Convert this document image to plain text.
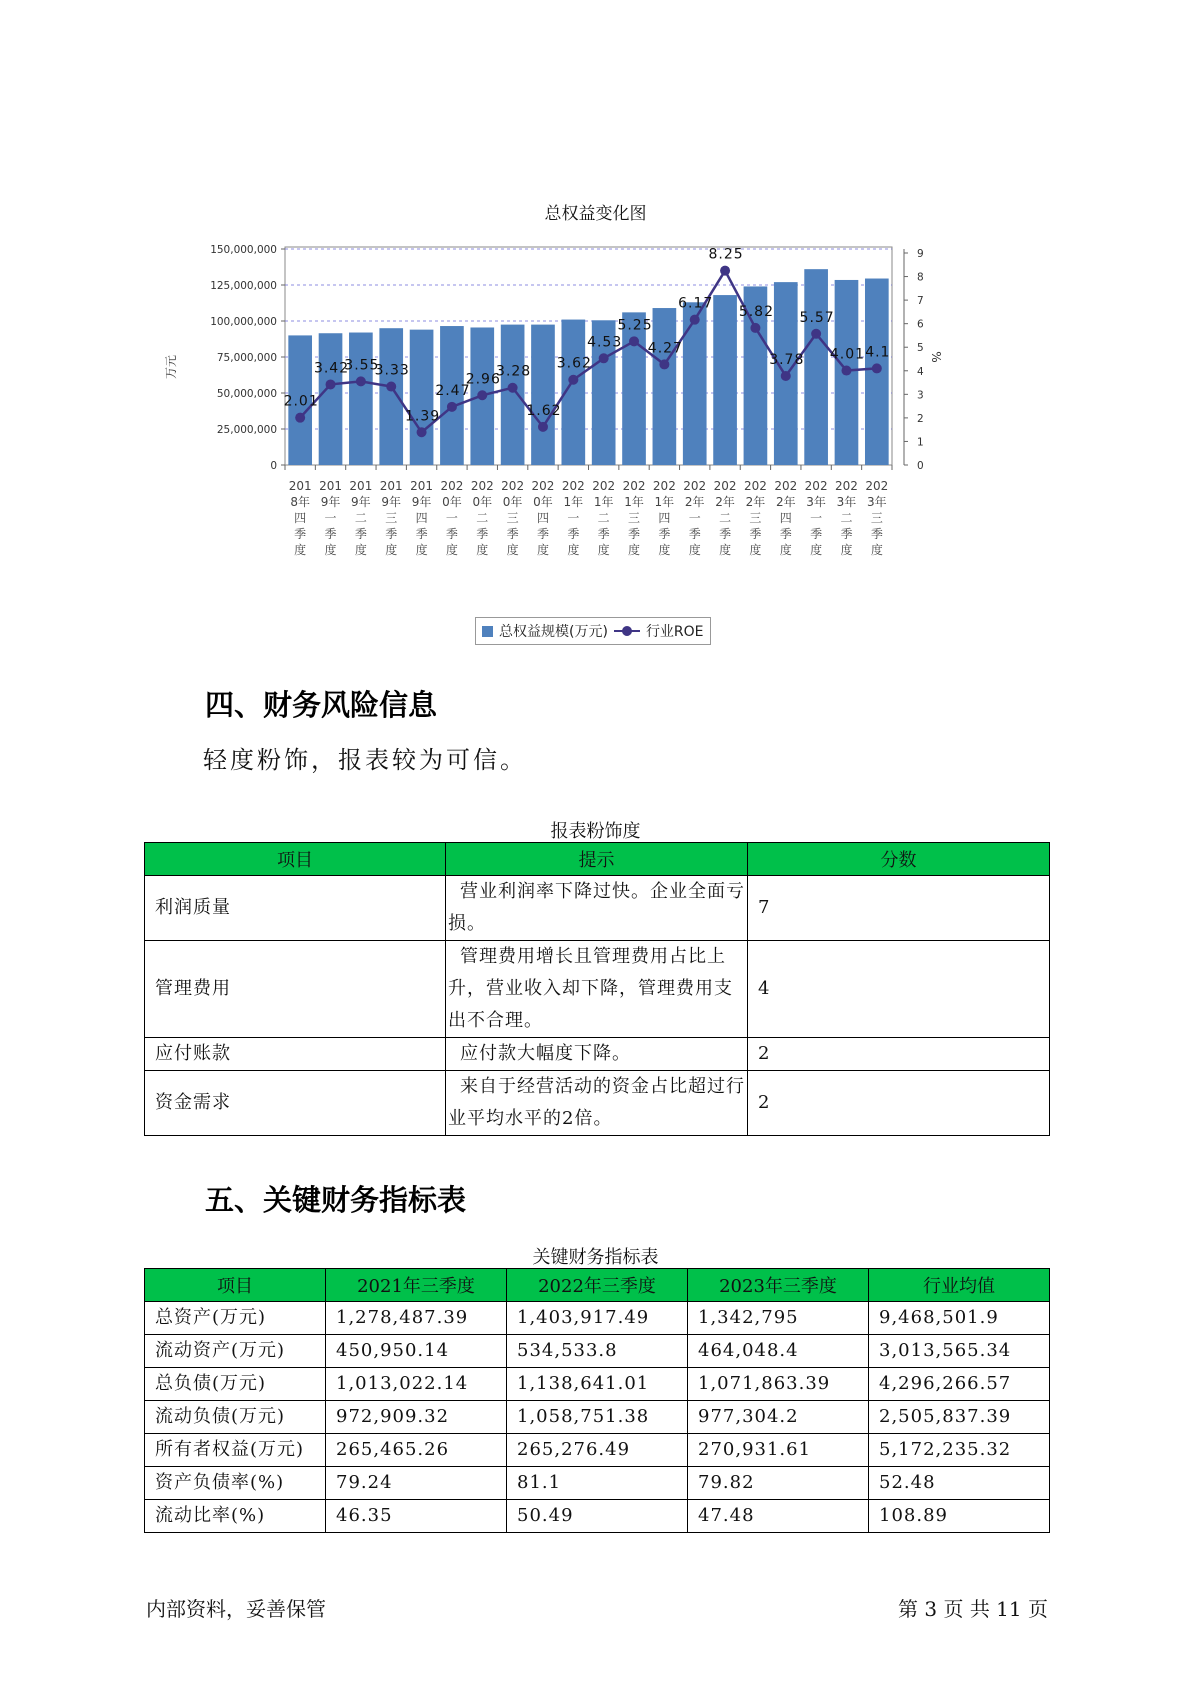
总权益变化图
0
25,000,000
50,000,000
75,000,000
100,000,000
125,000,000
150,000,000
0
1
2
3
4
5
6
7
8
9
万元	%
201
8年
四
季
度
201
9年
一
季
度
201
9年
二
季
度
201
9年
三
季
度
201
9年
四
季
度
202
0年
一
季
度
202
0年
二
季
度
202
0年
三
季
度
202
0年
四
季
度
202
1年
一
季
度
202
1年
二
季
度
202
1年
三
季
度
202
1年
四
季
度
202
2年
一
季
度
202
2年
二
季
度
202
2年
三
季
度
202
2年
四
季
度
202
3年
一
季
度
202
3年
二
季
度
202
3年
三
季
度
2.01
3.42
3.55
3.33
1.39
2.47
2.96
3.28
1.62
3.62
4.53
5.25
4.27
6.17
8.25
5.82
3.78
5.57
4.01 4.1
总权益规模(万元)	行业ROE
四、财务风险信息
轻度粉饰，报表较为可信。
报表粉饰度
项目	提示	分数
利润质量	营业利润率下降过快。企业全面亏损。	7
管理费用	管理费用增长且管理费用占比上升，营业收入却下降，管理费用支出不合理。	4
应付账款	应付款大幅度下降。	2
资金需求	来自于经营活动的资金占比超过行业平均水平的2倍。	2
五、关键财务指标表
关键财务指标表
项目	2021年三季度	2022年三季度	2023年三季度	行业均值
总资产(万元)	1,278,487.39	1,403,917.49	1,342,795	9,468,501.9
流动资产(万元)	450,950.14	534,533.8	464,048.4	3,013,565.34
总负债(万元)	1,013,022.14	1,138,641.01	1,071,863.39	4,296,266.57
流动负债(万元)	972,909.32	1,058,751.38	977,304.2	2,505,837.39
所有者权益(万元)	265,465.26	265,276.49	270,931.61	5,172,235.32
资产负债率(%)	79.24	81.1	79.82	52.48
流动比率(%)	46.35	50.49	47.48	108.89
内部资料，妥善保管	第 3 页 共 11 页
